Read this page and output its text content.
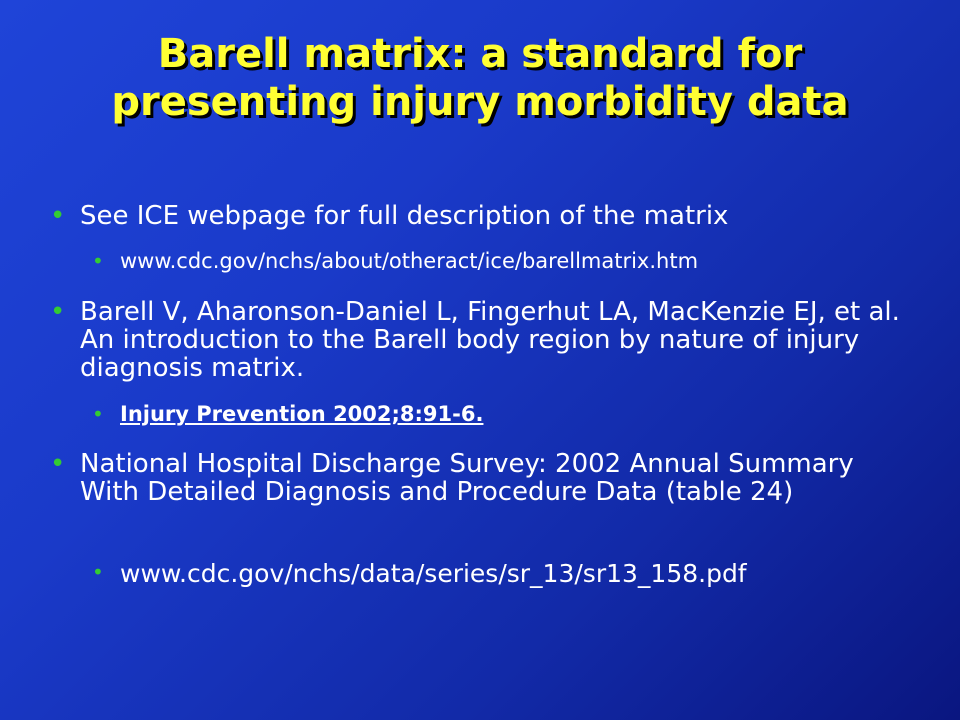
Barell matrix: a standard for presenting injury morbidity data
• See ICE webpage for full description of the matrix
• www.cdc.gov/nchs/about/otheract/ice/barellmatrix.htm
• Barell V, Aharonson-Daniel L, Fingerhut LA, MacKenzie EJ, et al. An introduction to the Barell body region by nature of injury diagnosis matrix.
• Injury Prevention 2002;8:91-6.
• National Hospital Discharge Survey: 2002 Annual Summary With Detailed Diagnosis and Procedure Data (table 24)
• www.cdc.gov/nchs/data/series/sr_13/sr13_158.pdf
